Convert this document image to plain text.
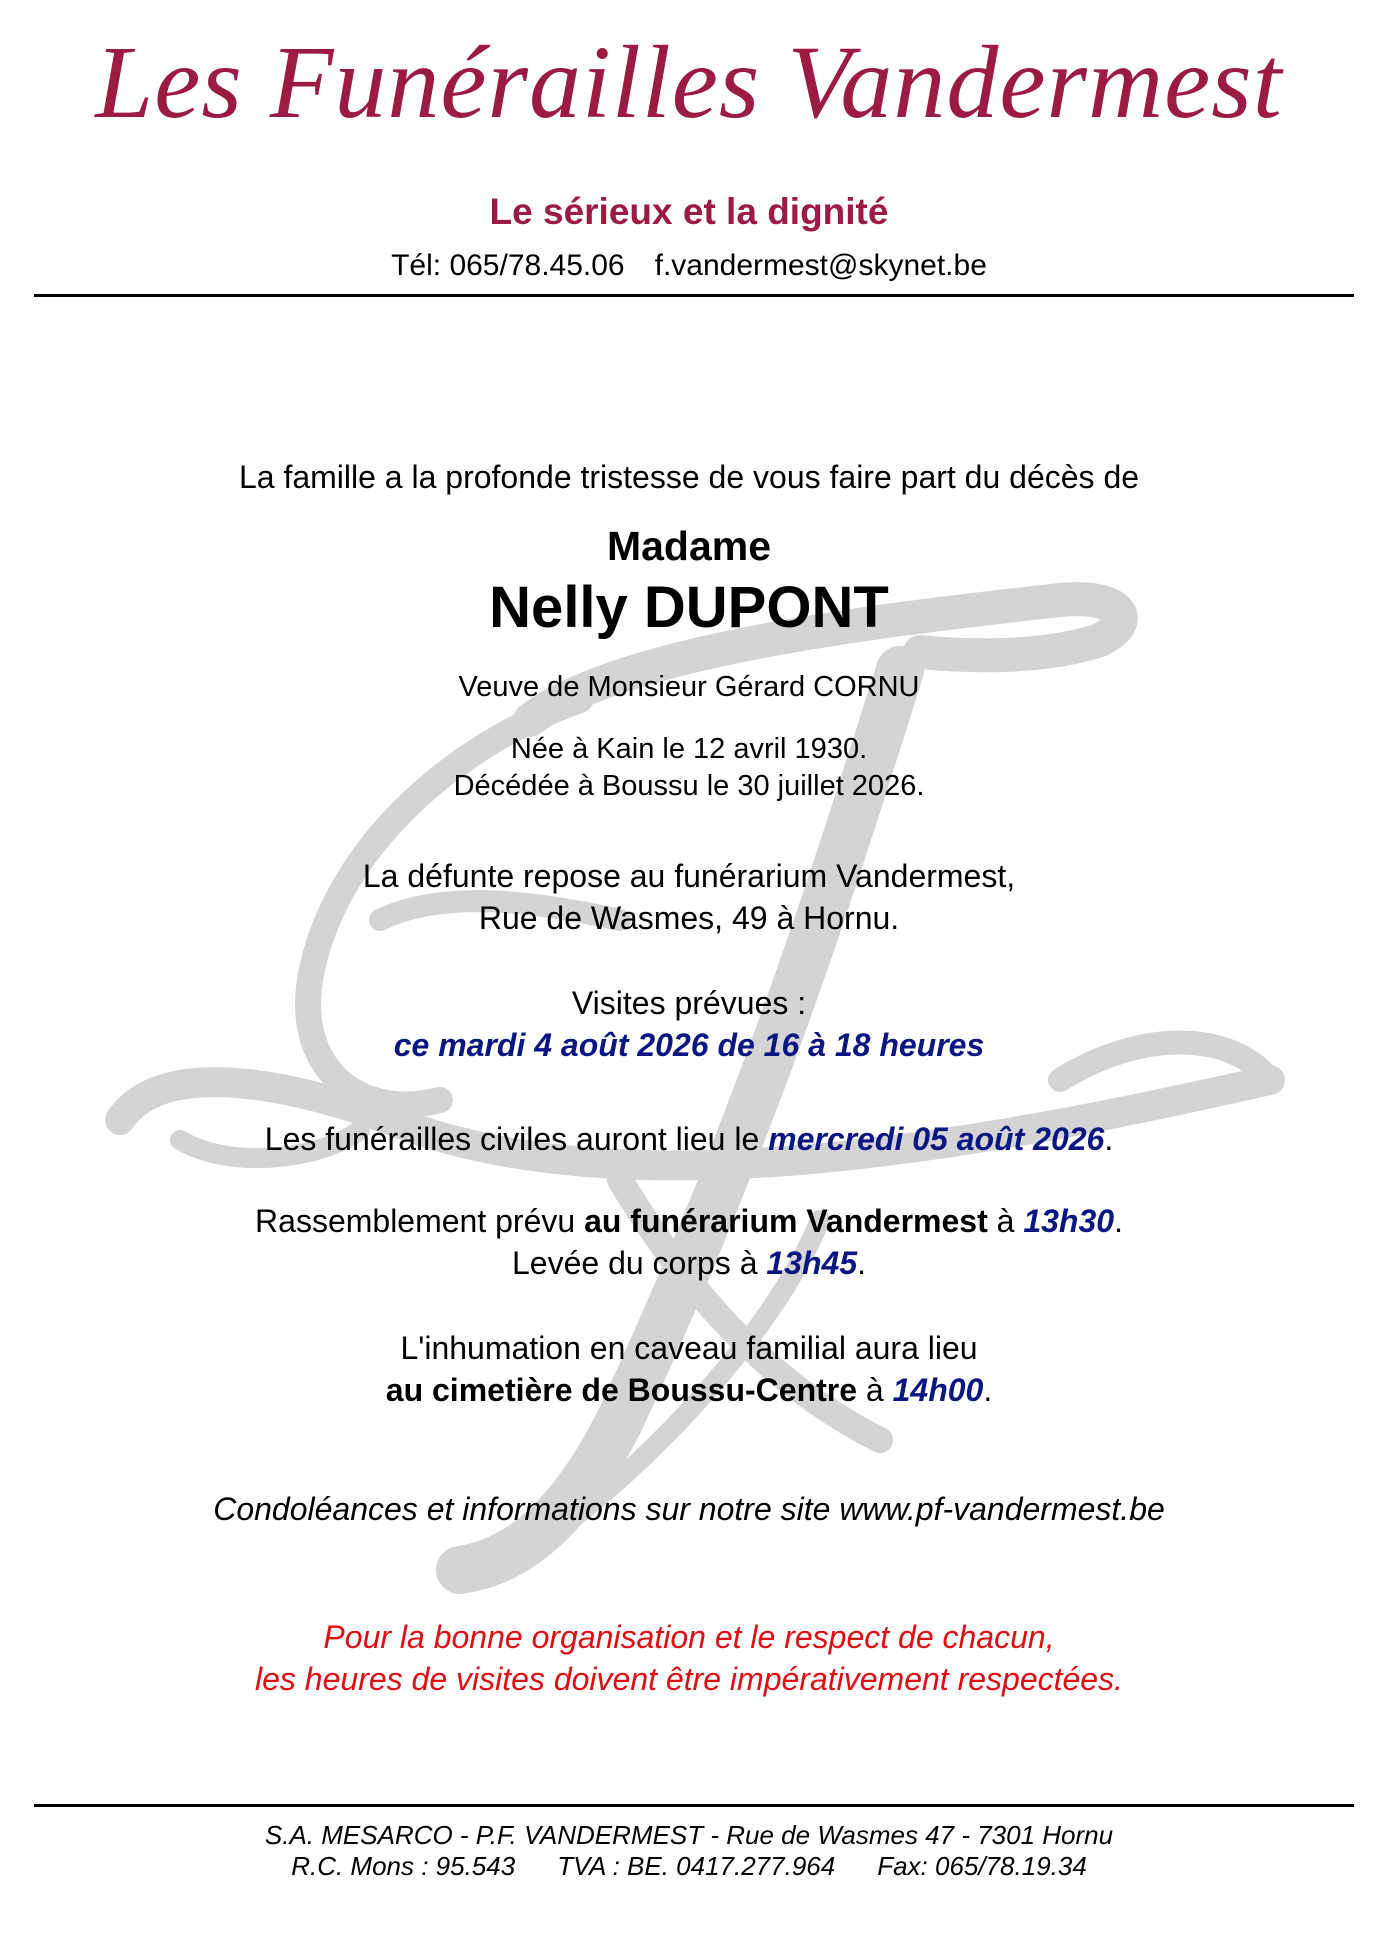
Les Funérailles Vandermest
Le sérieux et la dignité
Tél: 065/78.45.06 f.vandermest@skynet.be
La famille a la profonde tristesse de vous faire part du décès de
Madame
Nelly DUPONT
Veuve de Monsieur Gérard CORNU
Née à Kain le 12 avril 1930.
Décédée à Boussu le 30 juillet 2026.
La défunte repose au funérarium Vandermest,
Rue de Wasmes, 49 à Hornu.
Visites prévues :
ce mardi 4 août 2026 de 16 à 18 heures
Les funérailles civiles auront lieu le mercredi 05 août 2026.
Rassemblement prévu au funérarium Vandermest à 13h30.
Levée du corps à 13h45.
L'inhumation en caveau familial aura lieu
au cimetière de Boussu-Centre à 14h00.
Condoléances et informations sur notre site www.pf-vandermest.be
Pour la bonne organisation et le respect de chacun,
les heures de visites doivent être impérativement respectées.
S.A. MESARCO - P.F. VANDERMEST - Rue de Wasmes 47 - 7301 Hornu
R.C. Mons : 95.543 TVA : BE. 0417.277.964 Fax: 065/78.19.34
